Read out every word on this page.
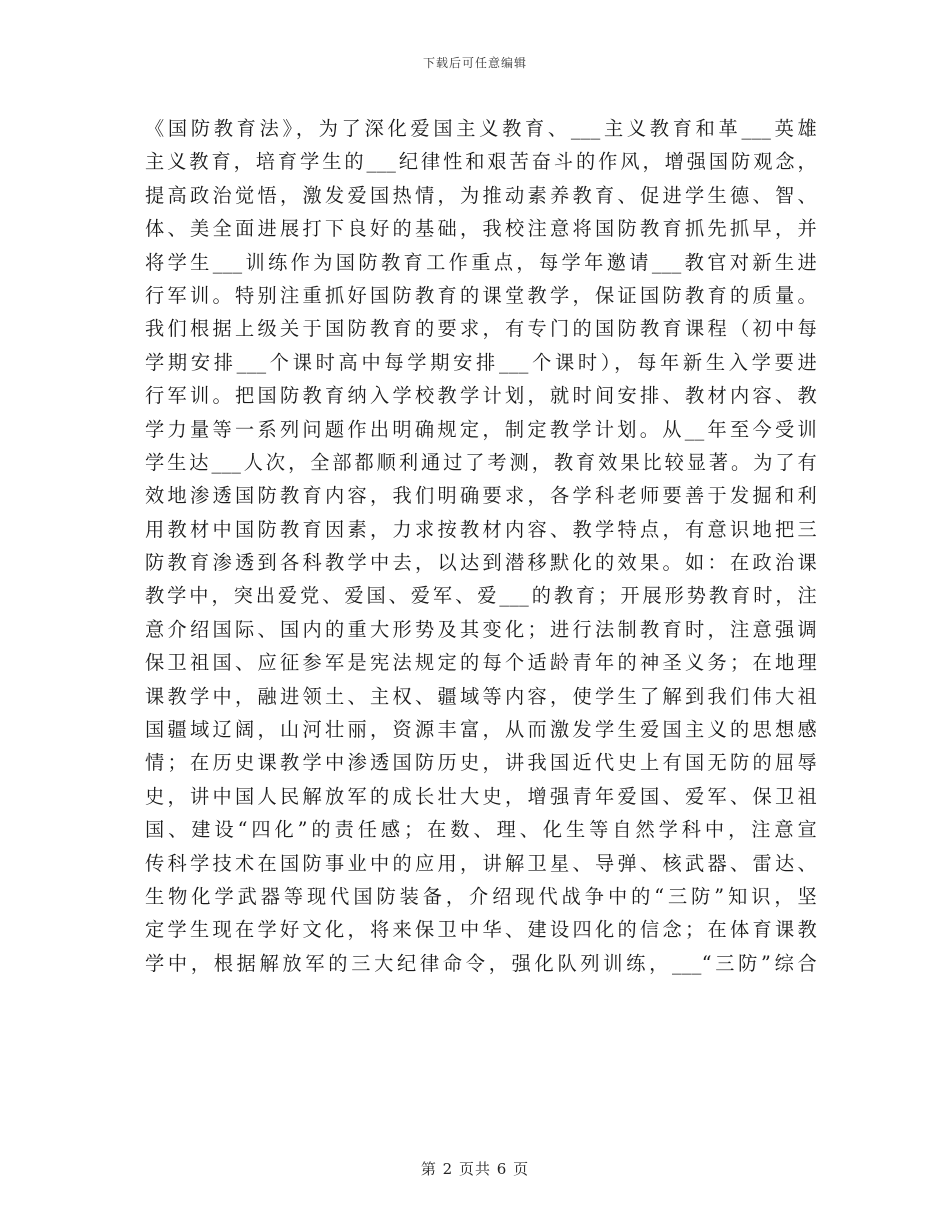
下载后可任意编辑
《国防教育法》，为了深化爱国主义教育、___主义教育和革___英雄
主义教育，培育学生的___纪律性和艰苦奋斗的作风，增强国防观念，
提高政治觉悟，激发爱国热情，为推动素养教育、促进学生德、智、
体、美全面进展打下良好的基础，我校注意将国防教育抓先抓早，并
将学生___训练作为国防教育工作重点，每学年邀请___教官对新生进
行军训。特别注重抓好国防教育的课堂教学，保证国防教育的质量。
我们根据上级关于国防教育的要求，有专门的国防教育课程（初中每
学期安排___个课时高中每学期安排___个课时），每年新生入学要进
行军训。把国防教育纳入学校教学计划，就时间安排、教材内容、教
学力量等一系列问题作出明确规定，制定教学计划。从__年至今受训
学生达___人次，全部都顺利通过了考测，教育效果比较显著。为了有
效地渗透国防教育内容，我们明确要求，各学科老师要善于发掘和利
用教材中国防教育因素，力求按教材内容、教学特点，有意识地把三
防教育渗透到各科教学中去，以达到潜移默化的效果。如：在政治课
教学中，突出爱党、爱国、爱军、爱___的教育；开展形势教育时，注
意介绍国际、国内的重大形势及其变化；进行法制教育时，注意强调
保卫祖国、应征参军是宪法规定的每个适龄青年的神圣义务；在地理
课教学中，融进领土、主权、疆域等内容，使学生了解到我们伟大祖
国疆域辽阔，山河壮丽，资源丰富，从而激发学生爱国主义的思想感
情；在历史课教学中渗透国防历史，讲我国近代史上有国无防的屈辱
史，讲中国人民解放军的成长壮大史，增强青年爱国、爱军、保卫祖
国、建设“四化”的责任感；在数、理、化生等自然学科中，注意宣
传科学技术在国防事业中的应用，讲解卫星、导弹、核武器、雷达、
生物化学武器等现代国防装备，介绍现代战争中的“三防”知识，坚
定学生现在学好文化，将来保卫中华、建设四化的信念；在体育课教
学中，根据解放军的三大纪律命令，强化队列训练，___“三防”综合
第 2 页共 6 页
